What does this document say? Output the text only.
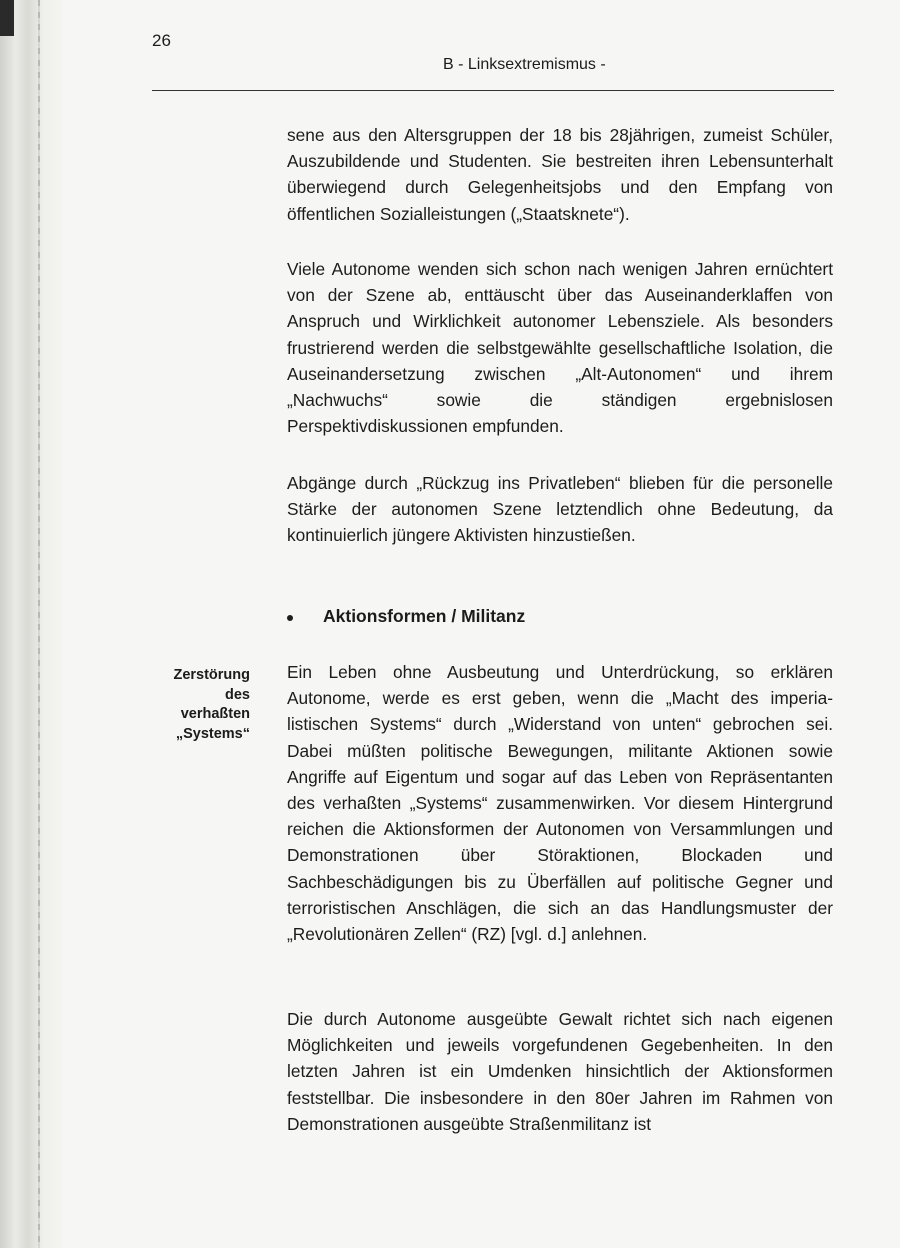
26
B - Linksextremismus -

sene aus den Altersgruppen der 18 bis 28jährigen, zumeist Schüler, Auszubildende und Studenten. Sie bestreiten ihren Lebensunterhalt überwiegend durch Gelegenheitsjobs und den Empfang von öffentlichen Sozialleistungen („Staatsknete“).

Viele Autonome wenden sich schon nach wenigen Jahren ernüchtert von der Szene ab, enttäuscht über das Auseinanderklaffen von Anspruch und Wirklichkeit autonomer Lebensziele. Als besonders frustrierend werden die selbstgewählte gesellschaftliche Isolation, die Auseinandersetzung zwischen „Alt-Autonomen“ und ihrem „Nachwuchs“ sowie die ständigen ergebnislosen Perspektivdiskussionen empfunden.

Abgänge durch „Rückzug ins Privatleben“ blieben für die personelle Stärke der autonomen Szene letztendlich ohne Bedeutung, da kontinuierlich jüngere Aktivisten hinzustießen.

Aktionsformen / Militanz
Zerstörung
des
verhaßten
„Systems“

Ein Leben ohne Ausbeutung und Unterdrückung, so erklären Autonome, werde es erst geben, wenn die „Macht des imperialistischen Systems“ durch „Widerstand von unten“ gebrochen sei. Dabei müßten politische Bewegungen, militante Aktionen sowie Angriffe auf Eigentum und sogar auf das Leben von Repräsentanten des verhaßten „Systems“ zusammenwirken. Vor diesem Hintergrund reichen die Aktionsformen der Autonomen von Versammlungen und Demonstrationen über Störaktionen, Blockaden und Sachbeschädigungen bis zu Überfällen auf politische Gegner und terroristischen Anschlägen, die sich an das Handlungsmuster der „Revolutionären Zellen“ (RZ) [vgl. d.] anlehnen.

Die durch Autonome ausgeübte Gewalt richtet sich nach eigenen Möglichkeiten und jeweils vorgefundenen Gegebenheiten. In den letzten Jahren ist ein Umdenken hinsichtlich der Aktionsformen feststellbar. Die insbesondere in den 80er Jahren im Rahmen von Demonstrationen ausgeübte Straßenmilitanz ist
